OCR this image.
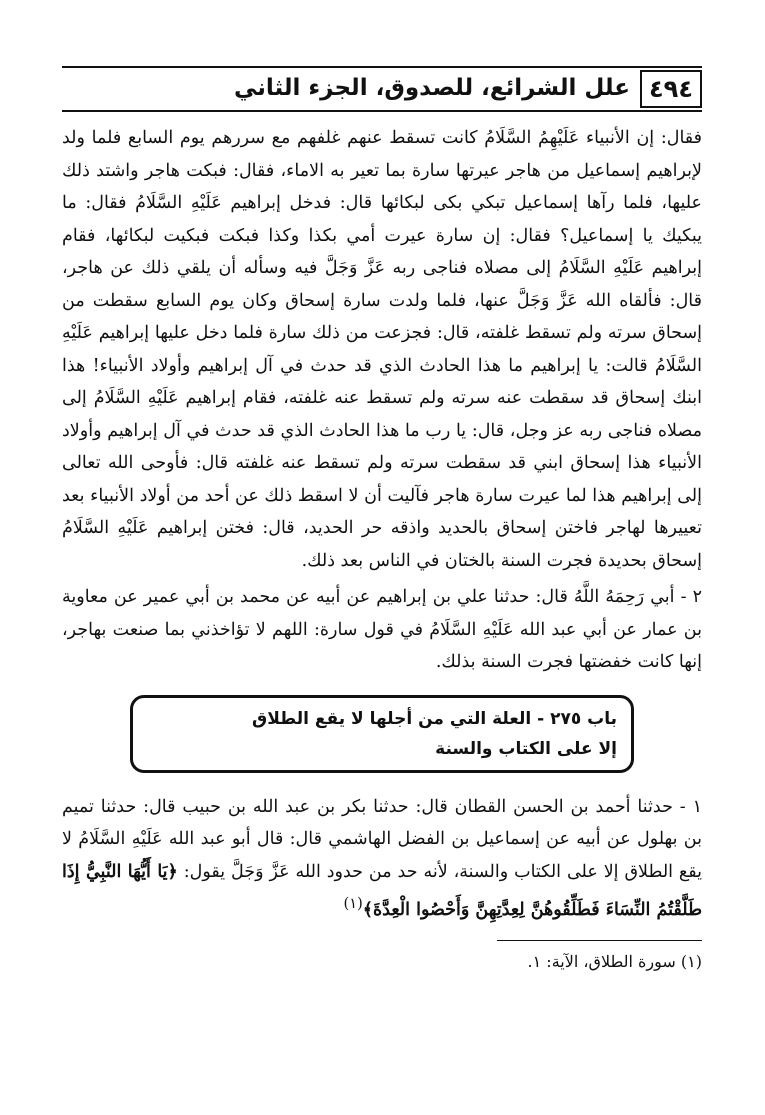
٤٩٤
علل الشرائع، للصدوق، الجزء الثاني

فقال: إن الأنبياء عَلَيْهِمُ السَّلَامُ كانت تسقط عنهم غلفهم مع سررهم يوم السابع فلما ولد لإبراهيم إسماعيل من هاجر عيرتها سارة بما تعير به الاماء، فقال: فبكت هاجر واشتد ذلك عليها، فلما رآها إسماعيل تبكي بكى لبكائها قال: فدخل إبراهيم عَلَيْهِ السَّلَامُ فقال: ما يبكيك يا إسماعيل؟ فقال: إن سارة عيرت أمي بكذا وكذا فبكت فبكيت لبكائها، فقام إبراهيم عَلَيْهِ السَّلَامُ إلى مصلاه فناجى ربه عَزَّ وَجَلَّ فيه وسأله أن يلقي ذلك عن هاجر، قال: فألقاه الله عَزَّ وَجَلَّ عنها، فلما ولدت سارة إسحاق وكان يوم السابع سقطت من إسحاق سرته ولم تسقط غلفته، قال: فجزعت من ذلك سارة فلما دخل عليها إبراهيم عَلَيْهِ السَّلَامُ قالت: يا إبراهيم ما هذا الحادث الذي قد حدث في آل إبراهيم وأولاد الأنبياء! هذا ابنك إسحاق قد سقطت عنه سرته ولم تسقط عنه غلفته، فقام إبراهيم عَلَيْهِ السَّلَامُ إلى مصلاه فناجى ربه عز وجل، قال: يا رب ما هذا الحادث الذي قد حدث في آل إبراهيم وأولاد الأنبياء هذا إسحاق ابني قد سقطت سرته ولم تسقط عنه غلفته قال: فأوحى الله تعالى إلى إبراهيم هذا لما عيرت سارة هاجر فآليت أن لا اسقط ذلك عن أحد من أولاد الأنبياء بعد تعييرها لهاجر فاختن إسحاق بالحديد واذقه حر الحديد، قال: فختن إبراهيم عَلَيْهِ السَّلَامُ إسحاق بحديدة فجرت السنة بالختان في الناس بعد ذلك.

٢ - أبي رَحِمَهُ اللَّهُ قال: حدثنا علي بن إبراهيم عن أبيه عن محمد بن أبي عمير عن معاوية بن عمار عن أبي عبد الله عَلَيْهِ السَّلَامُ في قول سارة: اللهم لا تؤاخذني بما صنعت بهاجر، إنها كانت خفضتها فجرت السنة بذلك.

باب ٢٧٥ - العلة التي من أجلها لا يقع الطلاق
إلا على الكتاب والسنة

١ - حدثنا أحمد بن الحسن القطان قال: حدثنا بكر بن عبد الله بن حبيب قال: حدثنا تميم بن بهلول عن أبيه عن إسماعيل بن الفضل الهاشمي قال: قال أبو عبد الله عَلَيْهِ السَّلَامُ لا يقع الطلاق إلا على الكتاب والسنة، لأنه حد من حدود الله عَزَّ وَجَلَّ يقول: ﴿يَا أَيُّهَا النَّبِيُّ إِذَا طَلَّقْتُمُ النِّسَاءَ فَطَلِّقُوهُنَّ لِعِدَّتِهِنَّ وَأَحْصُوا الْعِدَّةَ﴾$^{(١)}$

(١) سورة الطلاق، الآية: ١.
